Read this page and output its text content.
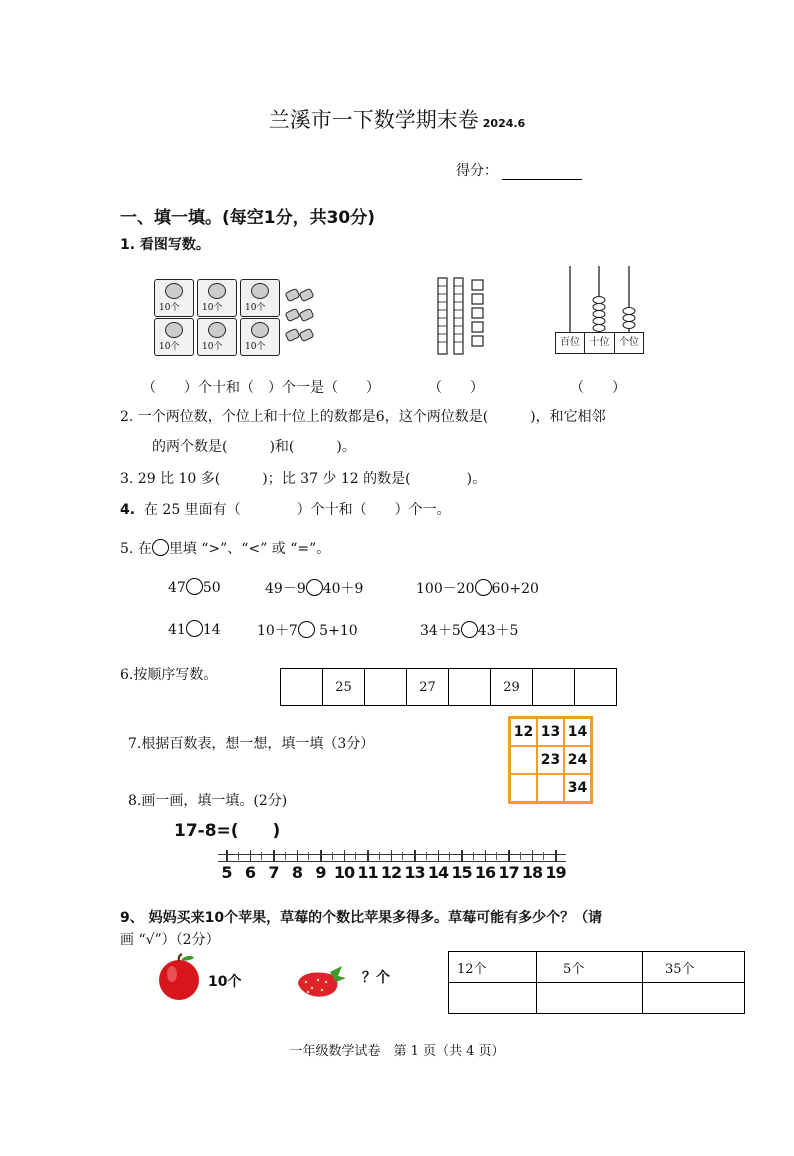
兰溪市一下数学期末卷 2024.6
得分：
一、填一填。(每空1分，共30分)
1. 看图写数。
10个	10个	10个
10个	10个	10个	百位 十位 个位
（　　）个十和（　）个一是（　　）	（　　）	（　　）
2. 一个两位数，个位上和十位上的数都是6，这个两位数是(　　　)，和它相邻
的两个数是(　　　)和(　　　)。
3. 29 比 10 多(　　　)；比 37 少 12 的数是(　　　　)。
4. 在 25 里面有（　　　　）个十和（　　）个一。
5. 在 里填 “>”、“<” 或 “=”。
47 50	49－9 40＋9	100－20 60+20
41 14	10＋7 5+10	34＋5 43＋5
6.按顺序写数。
	25		27		29		
7.根据百数表，想一想，填一填（3分）
12	13	14
	23	24
		34
8.画一画，填一填。(2分)
17-8=(　　)
5 6 7 8 9 10 11 12 13 14 15 16 17 18 19
9、 妈妈买来10个苹果，草莓的个数比苹果多得多。草莓可能有多少个？（请
画 “√”）（2分）
10个	？个
12个	5个	35个

一年级数学试卷　第 1 页（共 4 页）
